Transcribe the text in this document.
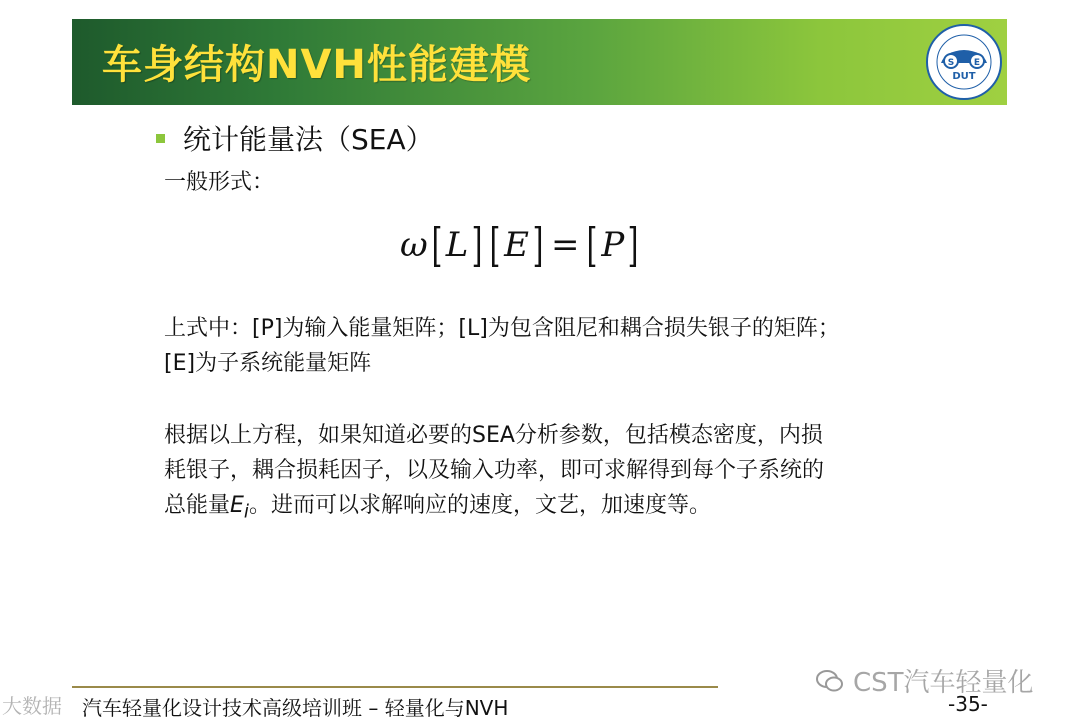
车身结构NVH性能建模	S E
DUT
统计能量法（SEA）
一般形式：
ω [ L ] [ E ] = [ P ]
上式中：[P]为输入能量矩阵；[L]为包含阻尼和耦合损失银子的矩阵；
[E]为子系统能量矩阵
根据以上方程，如果知道必要的SEA分析参数，包括模态密度，内损
耗银子，耦合损耗因子，以及输入功率，即可求解得到每个子系统的
总能量$E_i$。进而可以求解响应的速度，文艺，加速度等。
CST汽车轻量化
汽车轻量化设计技术高级培训班 – 轻量化与NVH	-35-
大数据
